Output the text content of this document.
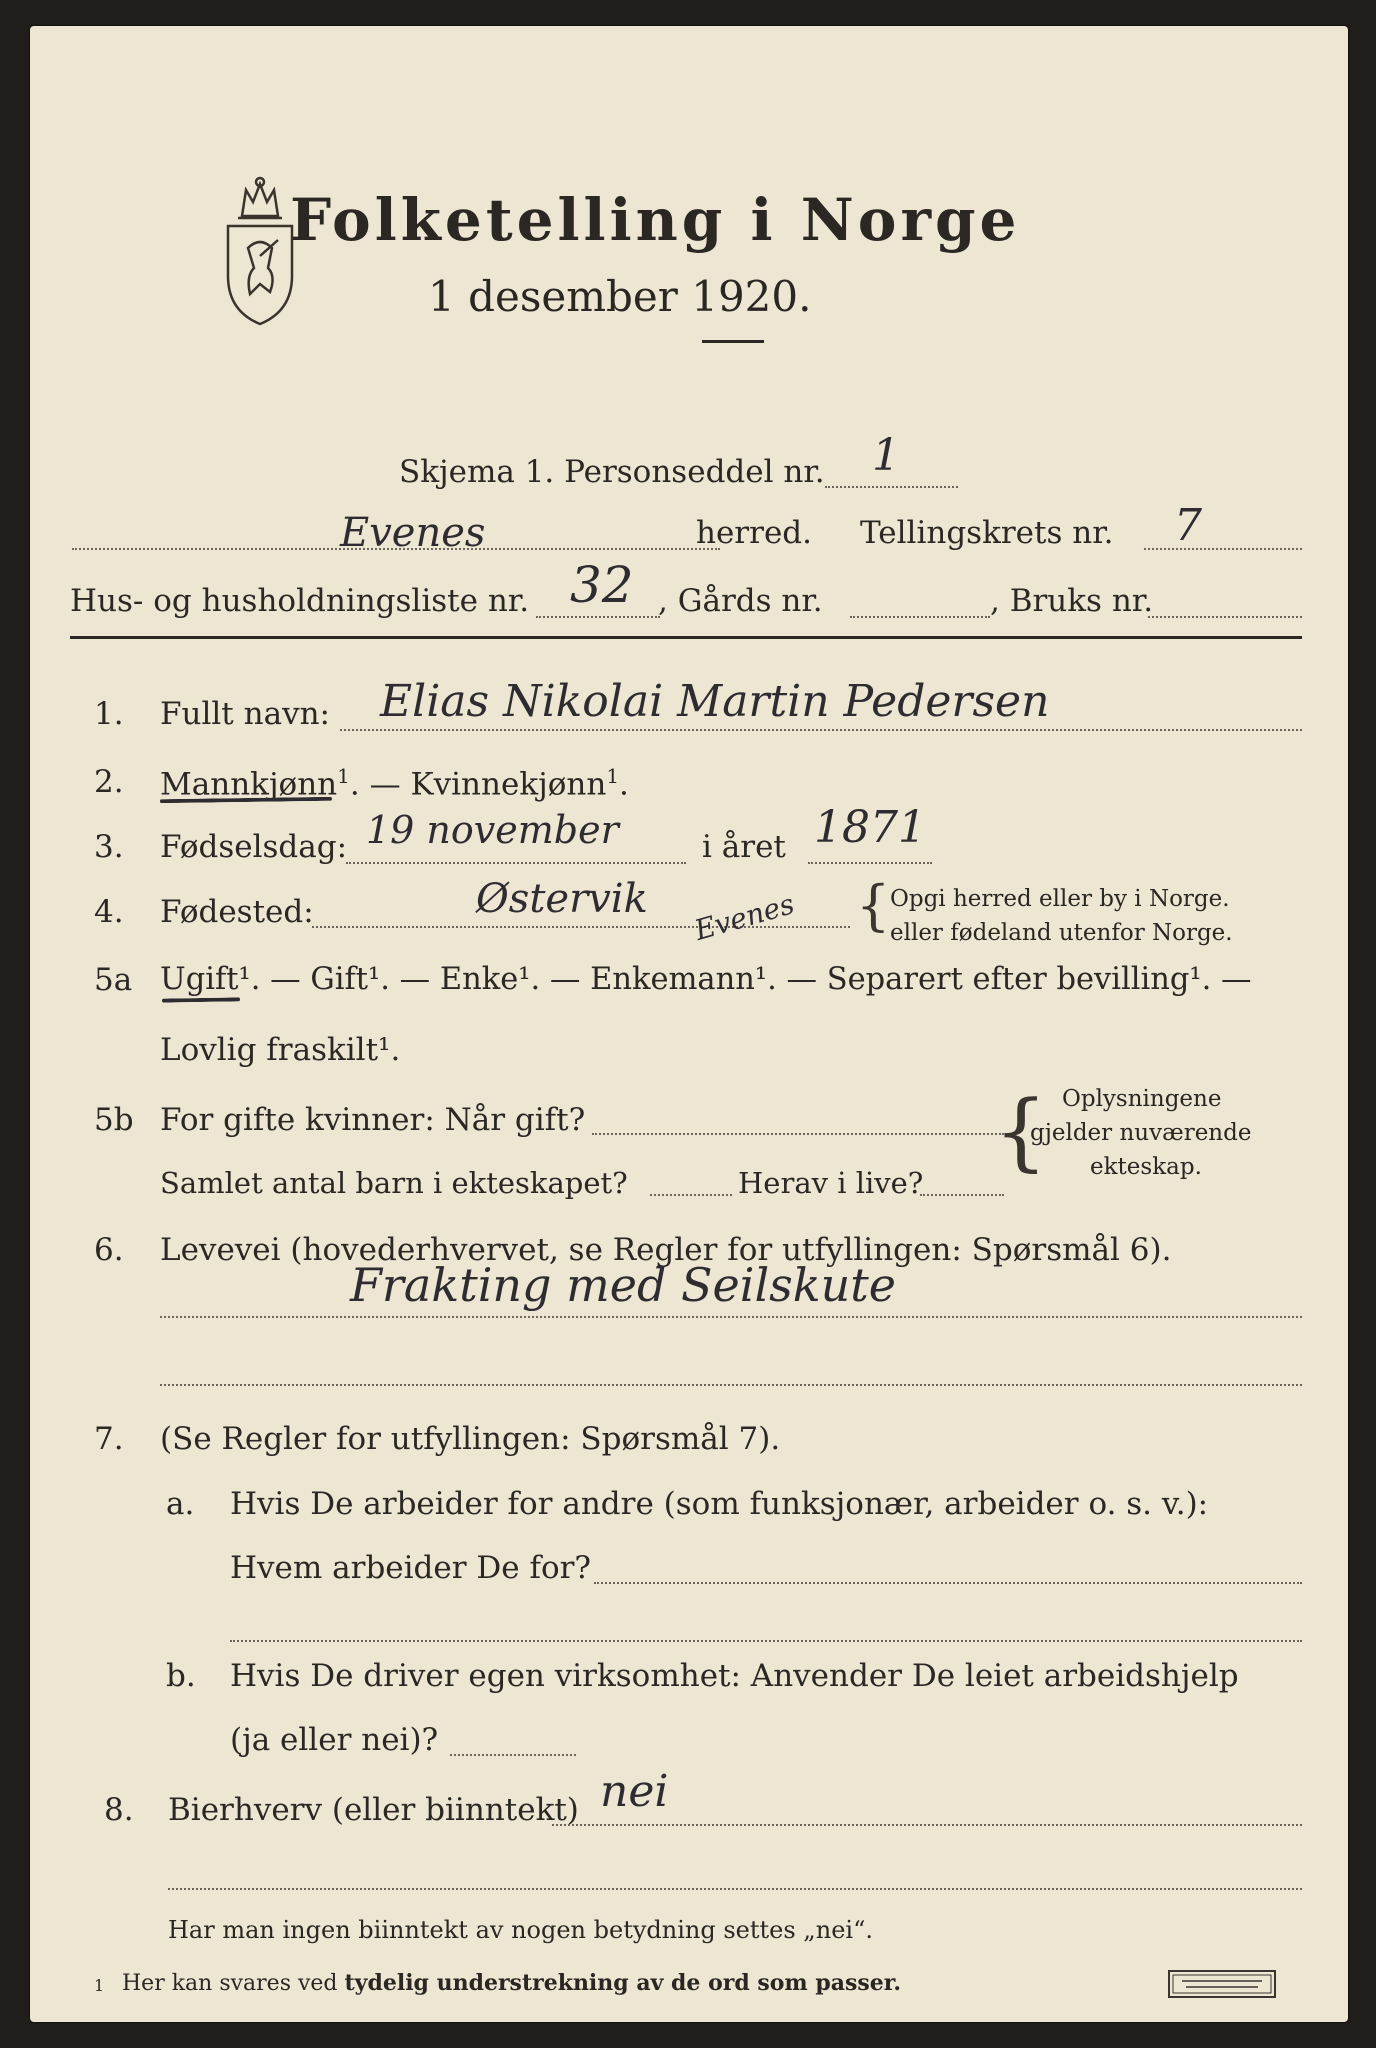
Folketelling i Norge
1 desember 1920.
Skjema 1. Personseddel nr. 1
Evenes	herred. Tellingskrets nr. 7
Hus- og husholdningsliste nr. 32 , Gårds nr.	, Bruks nr.
1. Fullt navn: Elias Nikolai Martin Pedersen
2. Mannkjønn$^1$. — Kvinnekjønn$^1$.
3. Fødselsdag: 19 november	i året 1871
4. Fødested:	Østervik Evenes { Opgi herred eller by i Norge.
eller fødeland utenfor Norge.
5a Ugift¹. — Gift¹. — Enke¹. — Enkemann¹. — Separert efter bevilling¹. —
Lovlig fraskilt¹.
5b For gifte kvinner: Når gift?
Samlet antal barn i ekteskapet?	Herav i live?
{ Oplysningene
gjelder nuværende
ekteskap.
6. Levevei (hovederhvervet, se Regler for utfyllingen: Spørsmål 6).
Frakting med Seilskute
7. (Se Regler for utfyllingen: Spørsmål 7).
a. Hvis De arbeider for andre (som funksjonær, arbeider o. s. v.):
Hvem arbeider De for?
b. Hvis De driver egen virksomhet: Anvender De leiet arbeidshjelp
(ja eller nei)?
8. Bierhverv (eller biinntekt) nei
Har man ingen biinntekt av nogen betydning settes „nei“.
1 Her kan svares ved tydelig understrekning av de ord som passer.
